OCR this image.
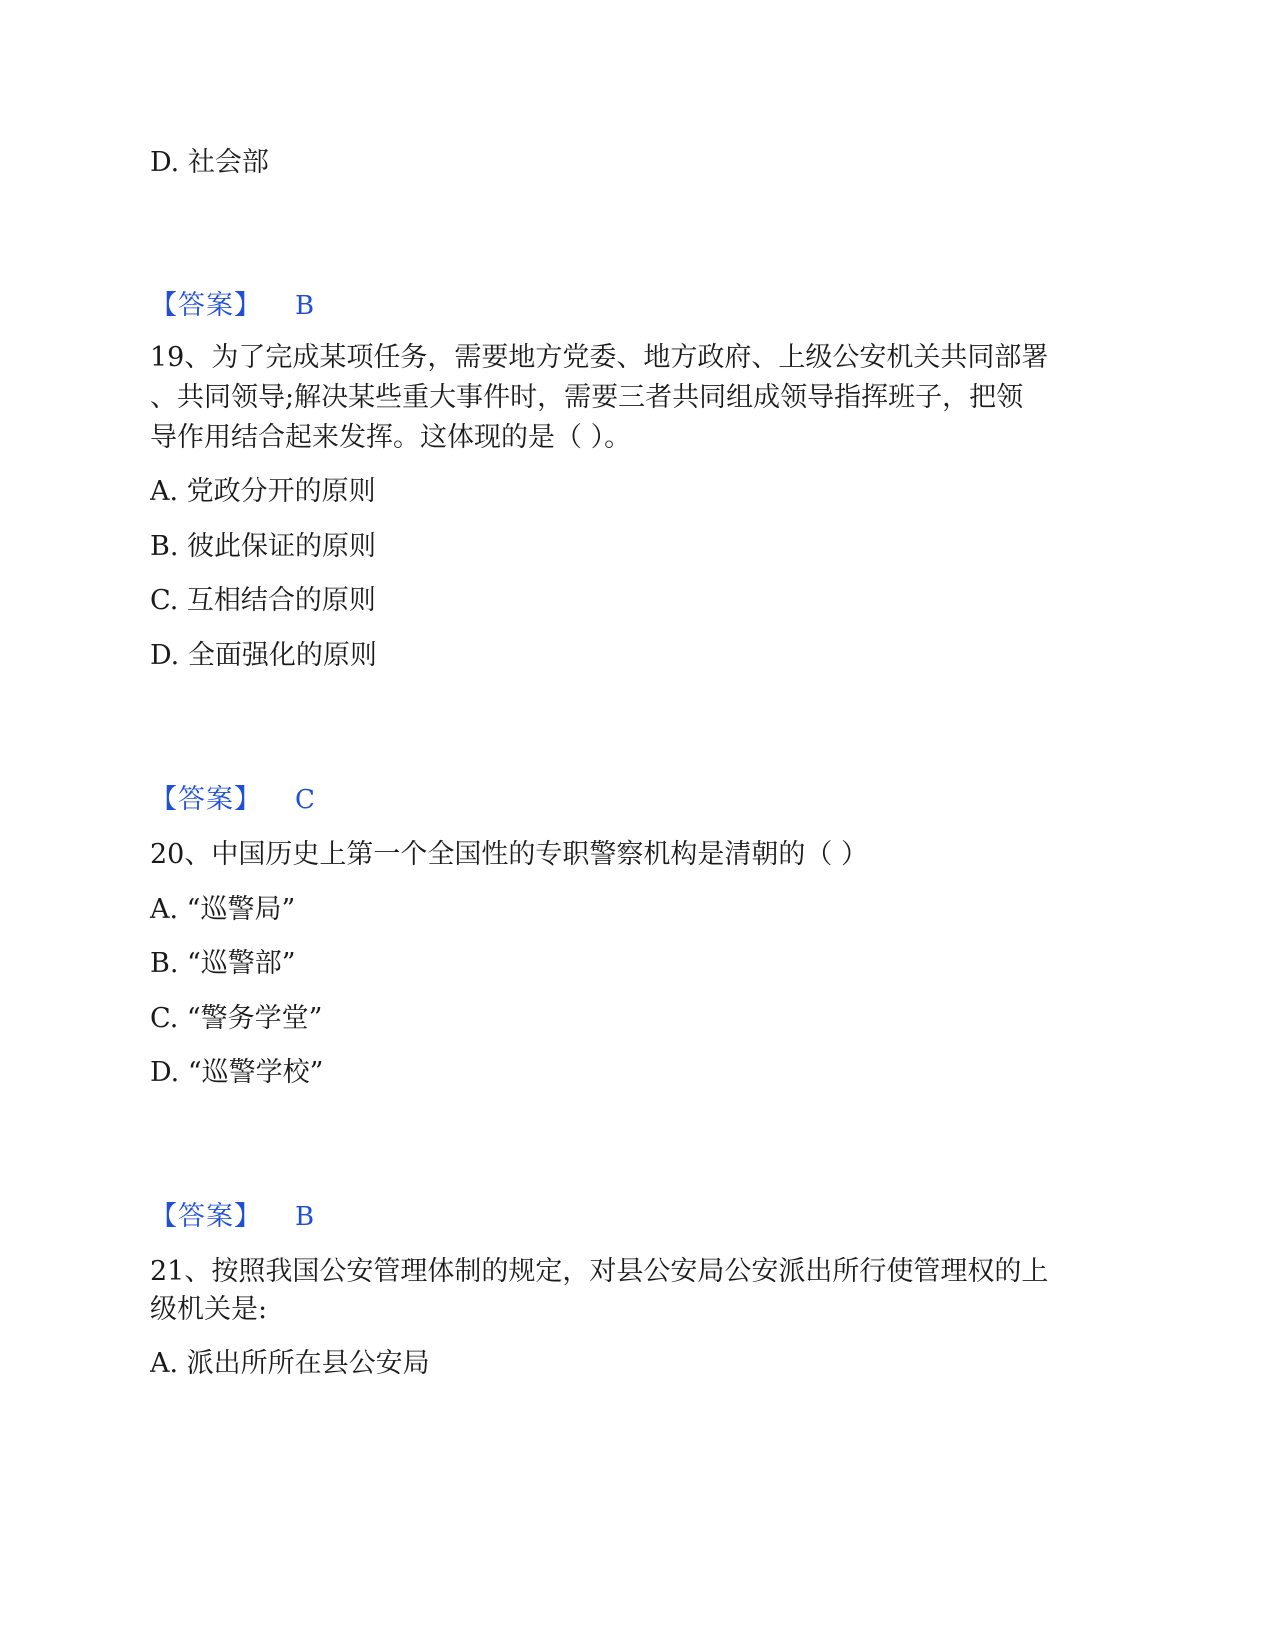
D. 社会部
【答案】 B
19、为了完成某项任务，需要地方党委、地方政府、上级公安机关共同部署
、共同领导;解决某些重大事件时，需要三者共同组成领导指挥班子，把领
导作用结合起来发挥。这体现的是（ ）。
A. 党政分开的原则
B. 彼此保证的原则
C. 互相结合的原则
D. 全面强化的原则
【答案】 C
20、中国历史上第一个全国性的专职警察机构是清朝的（ ）
A. “巡警局”
B. “巡警部”
C. “警务学堂”
D. “巡警学校”
【答案】 B
21、按照我国公安管理体制的规定，对县公安局公安派出所行使管理权的上
级机关是:
A. 派出所所在县公安局
